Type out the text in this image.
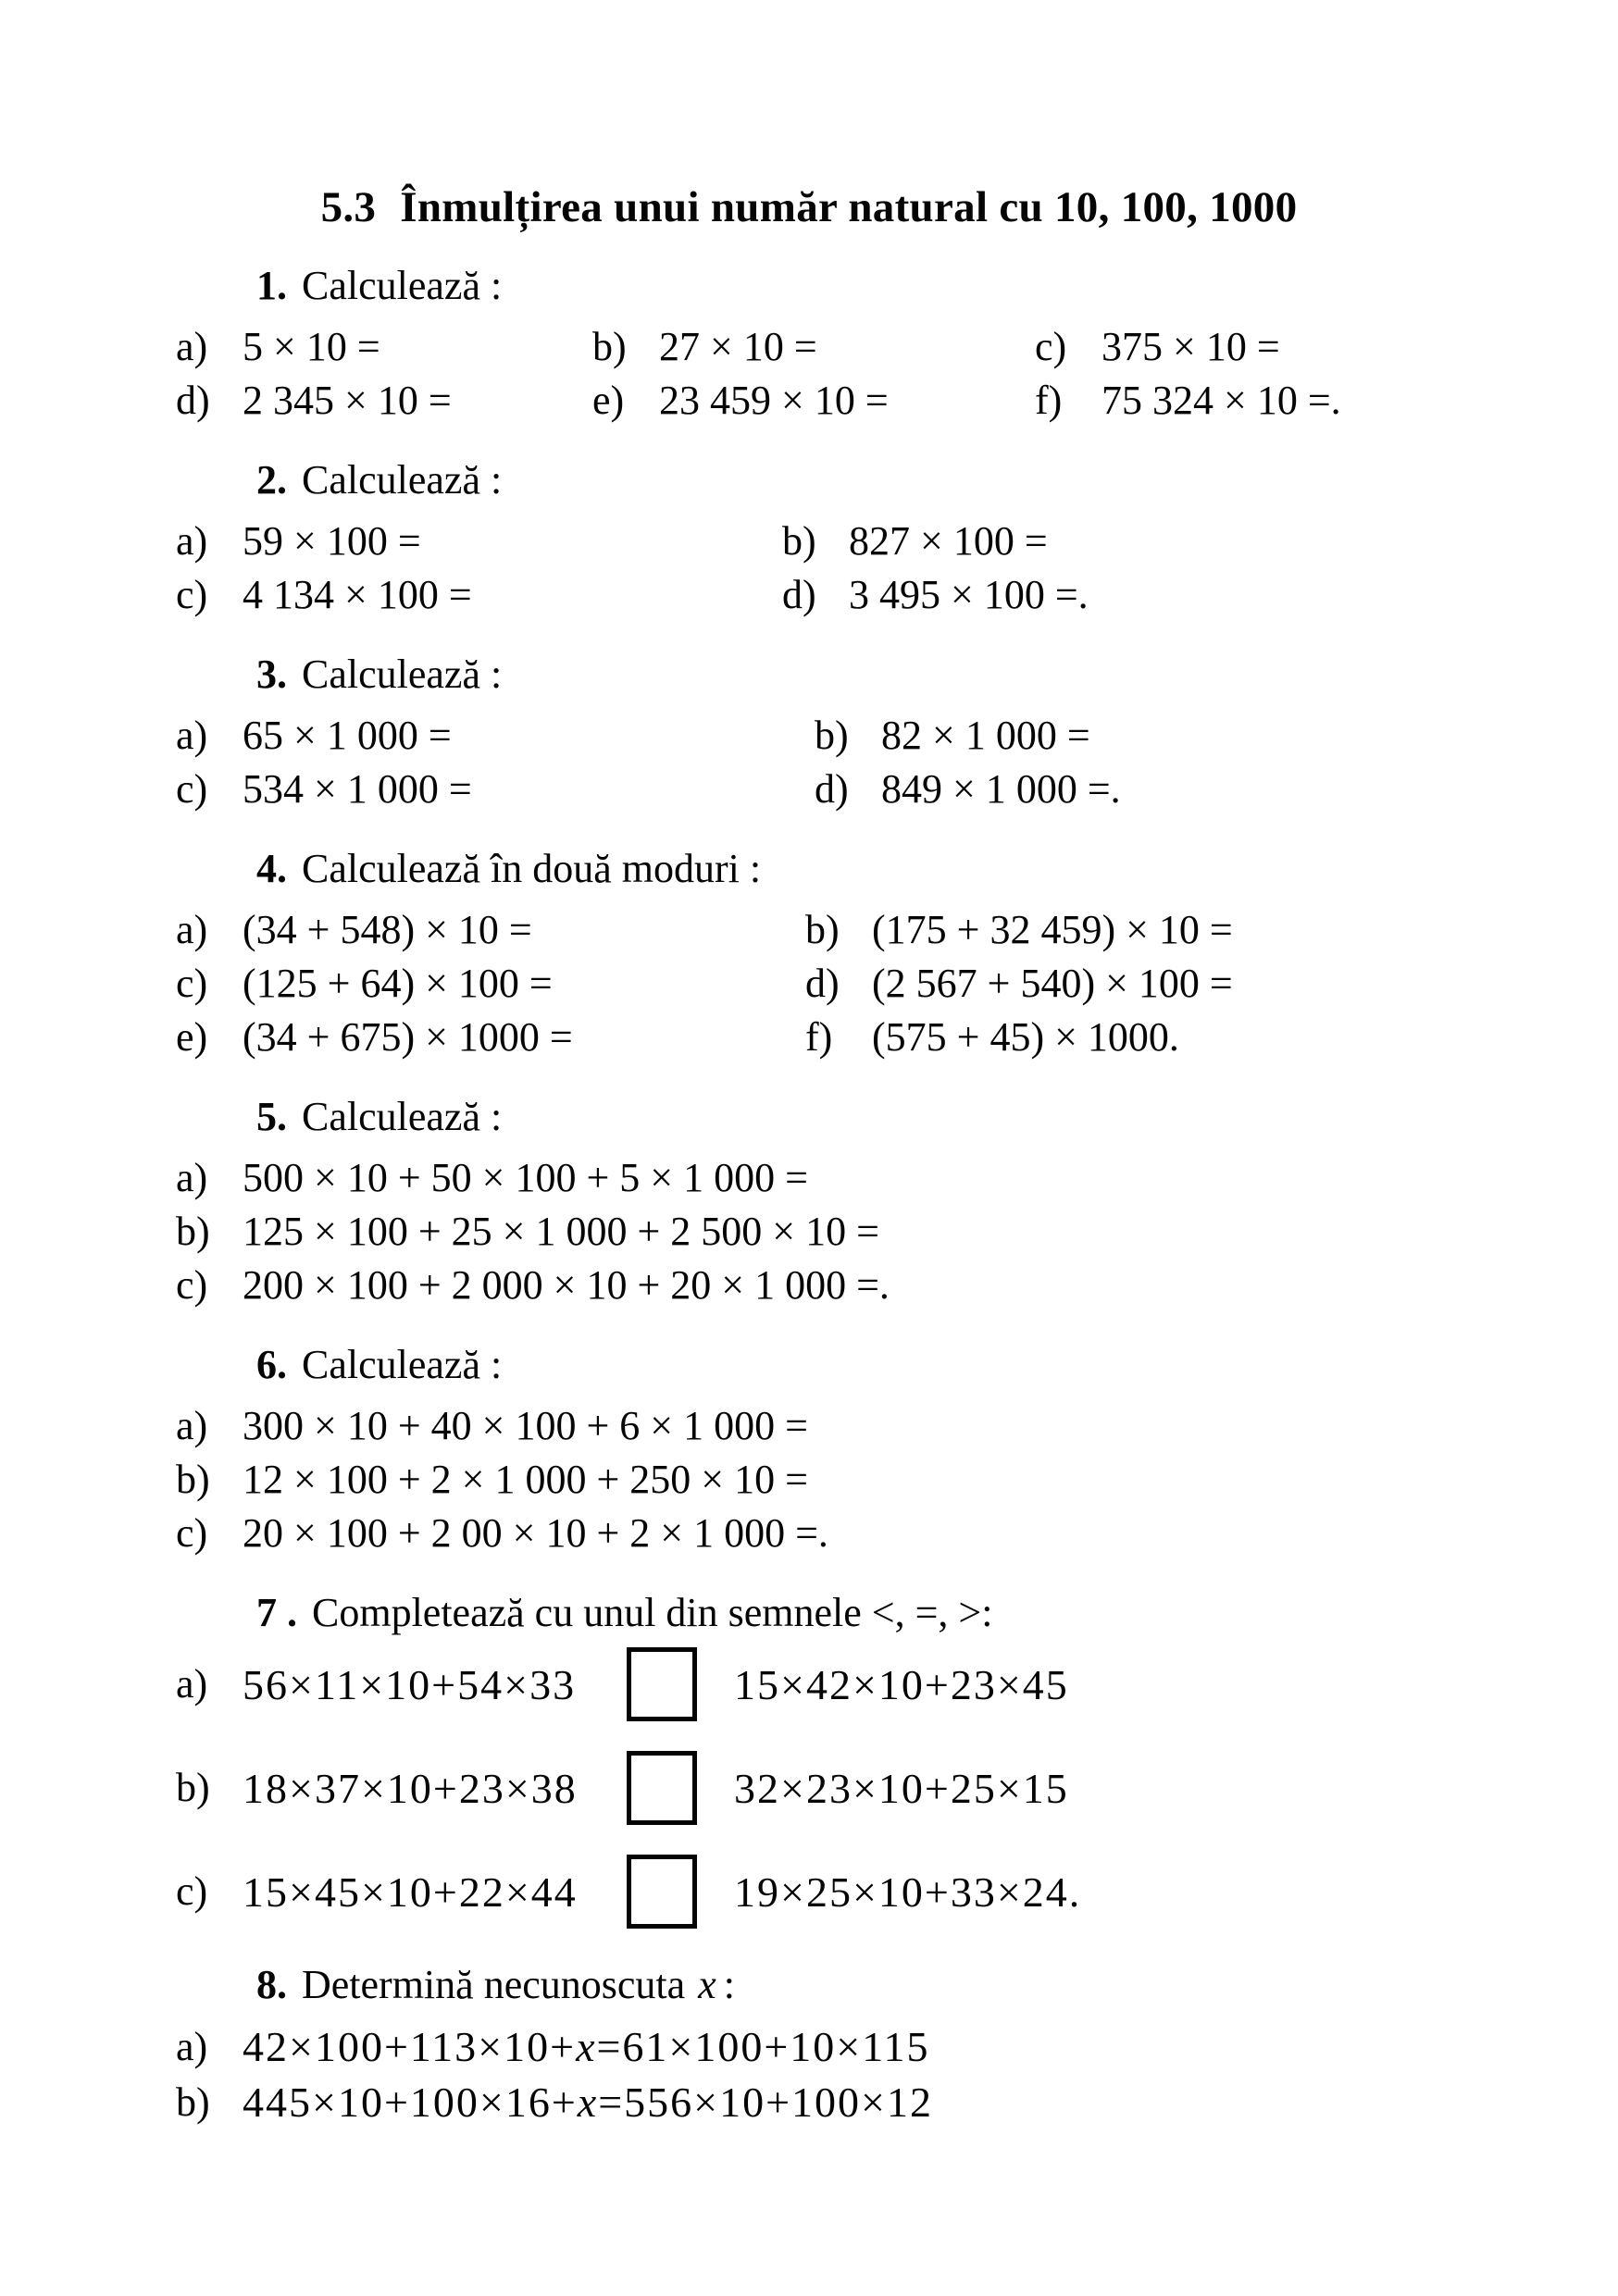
5.3 Înmulțirea unui număr natural cu 10, 100, 1000
1. Calculează :
a) 5 × 10 =	b) 27 × 10 =	c) 375 × 10 =
d) 2 345 × 10 =	e) 23 459 × 10 =	f) 75 324 × 10 =.
2. Calculează :
a) 59 × 100 =	b) 827 × 100 =
c) 4 134 × 100 =	d) 3 495 × 100 =.
3. Calculează :
a) 65 × 1 000 =	b) 82 × 1 000 =
c) 534 × 1 000 =	d) 849 × 1 000 =.
4. Calculează în două moduri :
a) (34 + 548) × 10 =	b) (175 + 32 459) × 10 =
c) (125 + 64) × 100 =	d) (2 567 + 540) × 100 =
e) (34 + 675) × 1000 =	f) (575 + 45) × 1000.
5. Calculează :
a) 500 × 10 + 50 × 100 + 5 × 1 000 =
b) 125 × 100 + 25 × 1 000 + 2 500 × 10 =
c) 200 × 100 + 2 000 × 10 + 20 × 1 000 =.
6. Calculează :
a) 300 × 10 + 40 × 100 + 6 × 1 000 =
b) 12 × 100 + 2 × 1 000 + 250 × 10 =
c) 20 × 100 + 2 00 × 10 + 2 × 1 000 =.
7 . Completează cu unul din semnele <, =, >:
a) 56×11×10+54×33	15×42×10+23×45
b) 18×37×10+23×38	32×23×10+25×15
c) 15×45×10+22×44	19×25×10+33×24.
8. Determină necunoscuta x :
a) 42×100+113×10+x=61×100+10×115
b) 445×10+100×16+x=556×10+100×12
